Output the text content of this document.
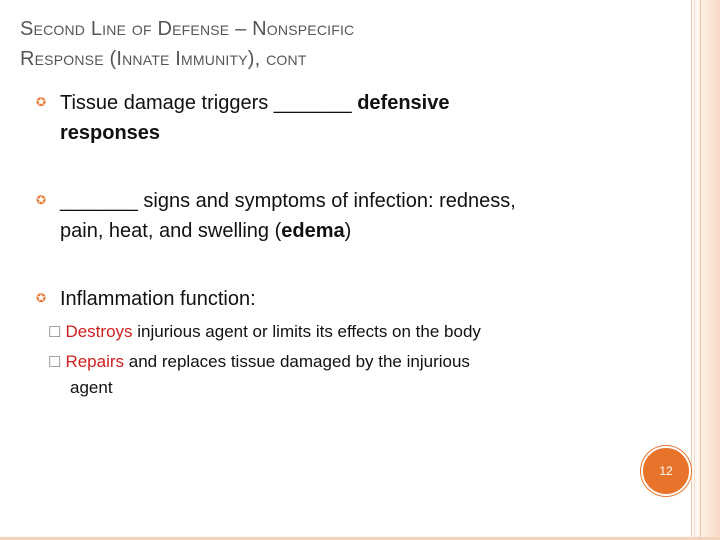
Second Line of Defense – Nonspecific
Response (Innate Immunity), cont
✪ Tissue damage triggers _______ defensive
responses
✪ _______ signs and symptoms of infection: redness,
pain, heat, and swelling (edema)
✪ Inflammation function:
☐ Destroys injurious agent or limits its effects on the body
☐ Repairs and replaces tissue damaged by the injurious
agent
12
